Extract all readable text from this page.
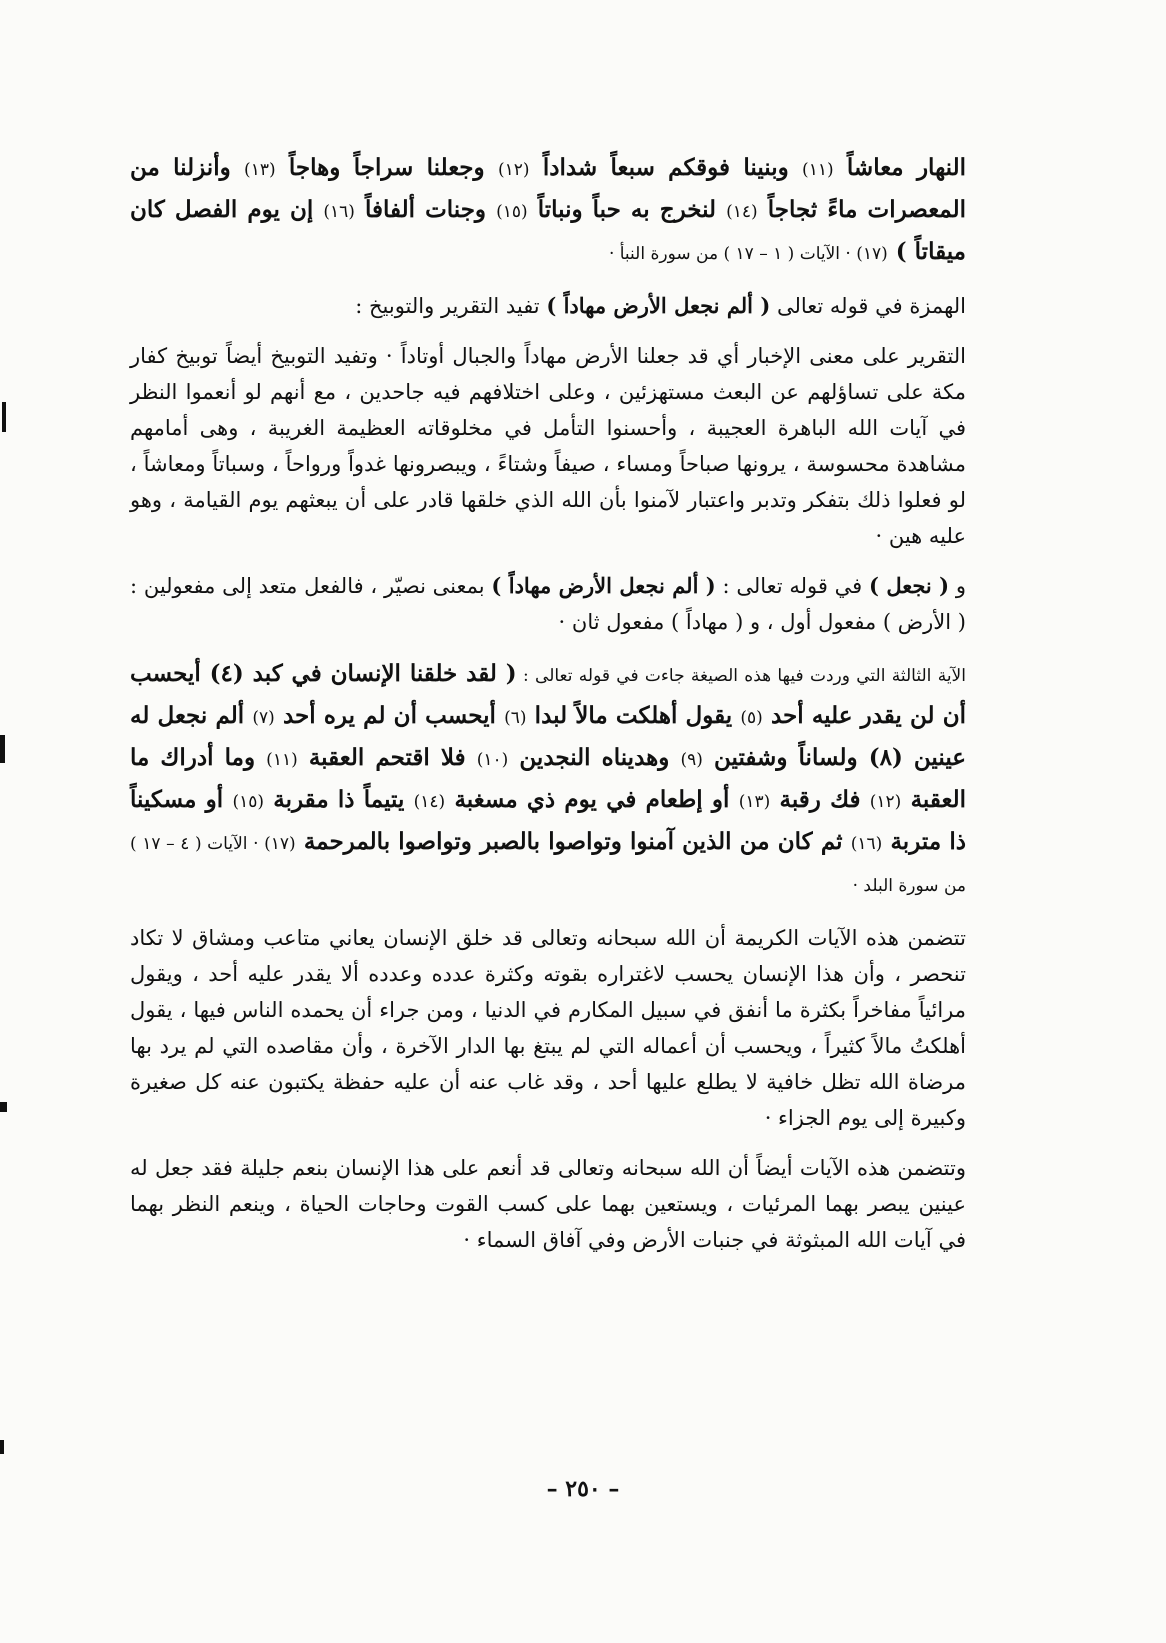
النهار معاشاً (١١) وبنينا فوقكم سبعاً شداداً (١٢) وجعلنا سراجاً وهاجاً (١٣) وأنزلنا من المعصرات ماءً ثجاجاً (١٤) لنخرج به حباً ونباتاً (١٥) وجنات ألفافاً (١٦) إن يوم الفصل كان ميقاتاً ) (١٧) · الآيات ( ١ – ١٧ ) من سورة النبأ ·

الهمزة في قوله تعالى ( ألم نجعل الأرض مهاداً ) تفيد التقرير والتوبيخ :

التقرير على معنى الإخبار أي قد جعلنا الأرض مهاداً والجبال أوتاداً · وتفيد التوبيخ أيضاً توبيخ كفار مكة على تساؤلهم عن البعث مستهزئين ، وعلى اختلافهم فيه جاحدين ، مع أنهم لو أنعموا النظر في آيات الله الباهرة العجيبة ، وأحسنوا التأمل في مخلوقاته العظيمة الغريبة ، وهى أمامهم مشاهدة محسوسة ، يرونها صباحاً ومساء ، صيفاً وشتاءً ، ويبصرونها غدواً ورواحاً ، وسباتاً ومعاشاً ، لو فعلوا ذلك بتفكر وتدبر واعتبار لآمنوا بأن الله الذي خلقها قادر على أن يبعثهم يوم القيامة ، وهو عليه هين ·

و ( نجعل ) في قوله تعالى : ( ألم نجعل الأرض مهاداً ) بمعنى نصيّر ، فالفعل متعد إلى مفعولين : ( الأرض ) مفعول أول ، و ( مهاداً ) مفعول ثان ·

الآية الثالثة التي وردت فيها هذه الصيغة جاءت في قوله تعالى : ( لقد خلقنا الإنسان في كبد (٤) أيحسب أن لن يقدر عليه أحد (٥) يقول أهلكت مالاً لبدا (٦) أيحسب أن لم يره أحد (٧) ألم نجعل له عينين (٨) ولساناً وشفتين (٩) وهديناه النجدين (١٠) فلا اقتحم العقبة (١١) وما أدراك ما العقبة (١٢) فك رقبة (١٣) أو إطعام في يوم ذي مسغبة (١٤) يتيماً ذا مقربة (١٥) أو مسكيناً ذا متربة (١٦) ثم كان من الذين آمنوا وتواصوا بالصبر وتواصوا بالمرحمة (١٧) · الآيات ( ٤ – ١٧ ) من سورة البلد ·

تتضمن هذه الآيات الكريمة أن الله سبحانه وتعالى قد خلق الإنسان يعاني متاعب ومشاق لا تكاد تنحصر ، وأن هذا الإنسان يحسب لاغتراره بقوته وكثرة عدده وعدده ألا يقدر عليه أحد ، ويقول مرائياً مفاخراً بكثرة ما أنفق في سبيل المكارم في الدنيا ، ومن جراء أن يحمده الناس فيها ، يقول أهلكتُ مالاً كثيراً ، ويحسب أن أعماله التي لم يبتغ بها الدار الآخرة ، وأن مقاصده التي لم يرد بها مرضاة الله تظل خافية لا يطلع عليها أحد ، وقد غاب عنه أن عليه حفظة يكتبون عنه كل صغيرة وكبيرة إلى يوم الجزاء ·

وتتضمن هذه الآيات أيضاً أن الله سبحانه وتعالى قد أنعم على هذا الإنسان بنعم جليلة فقد جعل له عينين يبصر بهما المرئيات ، ويستعين بهما على كسب القوت وحاجات الحياة ، وينعم النظر بهما في آيات الله المبثوثة في جنبات الأرض وفي آفاق السماء ·

– ٢٥٠ –
